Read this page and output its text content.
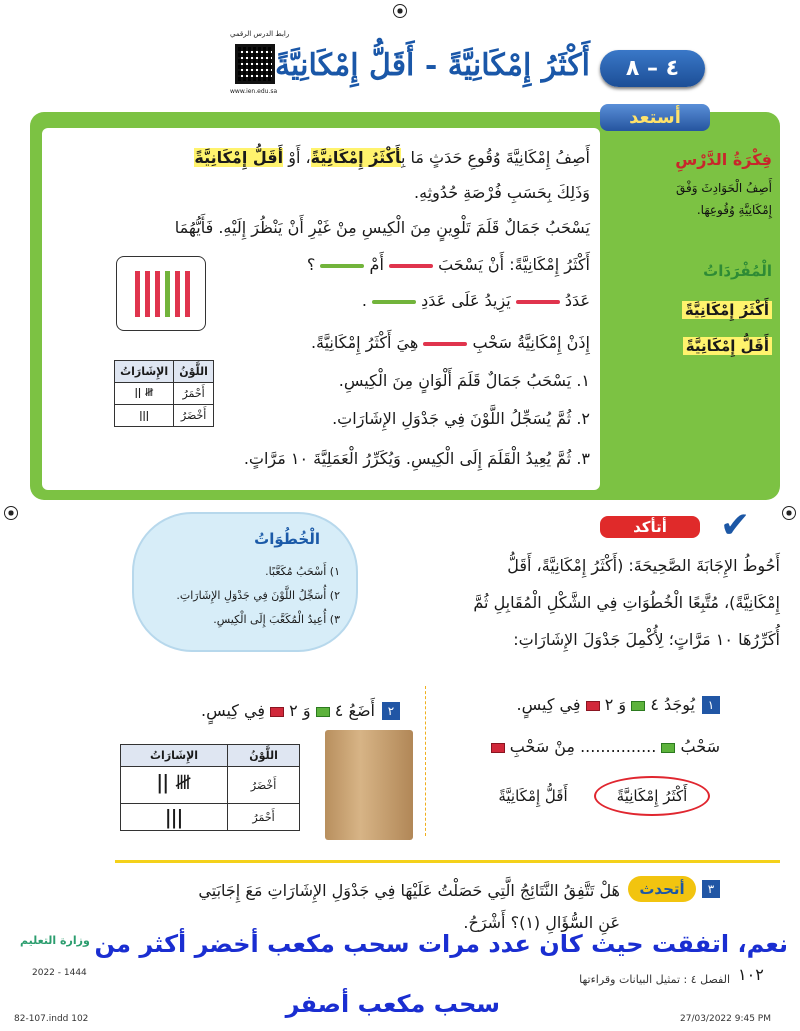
رابط الدرس الرقمي
www.ien.edu.sa
٤ – ٨
أَكْثَرُ إِمْكَانِيَّةً - أَقَلُّ إِمْكَانِيَّةً
أستعد
فِكْرَةُ الدَّرْسِ
أَصِفُ الْحَوَادِثَ وَفْقَ
إِمْكَانِيَّةِ وُقُوعِهَا.
الْمُفْرَدَاتُ
أَكْثَرُ إِمْكَانِيَّةً
أَقَلُّ إِمْكَانِيَّةً
أَصِفُ إِمْكَانِيَّةَ وُقُوعِ حَدَثٍ مَا بِأَكْثَرُ إِمْكَانِيَّةً، أَوْ أَقَلُّ إِمْكَانِيَّةً
وَذَلِكَ بِحَسَبِ فُرْصَةِ حُدُوثِهِ.
يَسْحَبُ جَمَالٌ قَلَمَ تَلْوِينٍ مِنَ الْكِيسِ مِنْ غَيْرِ أَنْ يَنْظُرَ إِلَيْهِ. فَأَيُّهُمَا
أَكْثَرُ إِمْكَانِيَّةً: أَنْ يَسْحَبَ  أَمْ  ؟
عَدَدُ  يَزِيدُ عَلَى عَدَدِ  .
إِذَنْ إِمْكَانِيَّةُ سَحْبِ  هِيَ أَكْثَرُ إِمْكَانِيَّةً.
١. يَسْحَبُ جَمَالٌ قَلَمَ أَلْوَانٍ مِنَ الْكِيسِ.
٢. ثُمَّ يُسَجِّلُ اللَّوْنَ فِي جَدْوَلِ الإِشَارَاتِ.
٣. ثُمَّ يُعِيدُ الْقَلَمَ إِلَى الْكِيسِ. وَيُكَرِّرُ الْعَمَلِيَّةَ ١٠ مَرَّاتٍ.
اللَّوْنُ	الإِشَارَاتُ
أَحْمَرُ	ǀǀ 𝍸
أَخْضَرُ	ǀǀǀ
الْخُطُوَاتُ
١) أَسْحَبُ مُكَعَّبًا.
٢) أُسَجِّلُ اللَّوْنَ فِي جَدْوَلِ الإِشَارَاتِ.
٣) أُعِيدُ الْمُكَعَّبَ إِلَى الْكِيسِ.
✔
أتأكد
أَحُوطُ الإِجَابَةَ الصَّحِيحَةَ: (أَكْثَرُ إِمْكَانِيَّةً، أَقَلُّ
إِمْكَانِيَّةً)، مُتَّبِعًا الْخُطُوَاتِ فِي الشَّكْلِ الْمُقَابِلِ ثُمَّ
أُكَرِّرُهَا ١٠ مَرَّاتٍ؛ لِأُكْمِلَ جَدْوَلَ الإِشَارَاتِ:
١
يُوجَدُ ٤  وَ ٢  فِي كِيسٍ.
سَحْبُ  ............... مِنْ سَحْبِ
أَكْثَرُ إِمْكَانِيَّةً
أَقَلُّ إِمْكَانِيَّةً
٢
أَضَعُ ٤  وَ ٢  فِي كِيسٍ.
اللَّوْنُ	الإِشَارَاتُ
أَخْضَرُ	ǀǀ 𝍸
أَحْمَرُ	ǀǀǀ
٣
أتحدث
هَلْ تَتَّفِقُ النَّتَائِجُ الَّتِي حَصَلْتُ عَلَيْهَا فِي جَدْوَلِ الإِشَارَاتِ مَعَ إِجَابَتِي
عَنِ السُّؤَالِ (١)؟ أَشْرَحُ.
نعم، اتفقت حيث كان عدد مرات سحب مكعب أخضر أكثر من
سحب مكعب أصفر
وزارة التعليم
2022 - 1444	١٠٢
الفصل ٤ : تمثيل البيانات وقراءتها
82-107.indd 102	27/03/2022 9:45 PM
